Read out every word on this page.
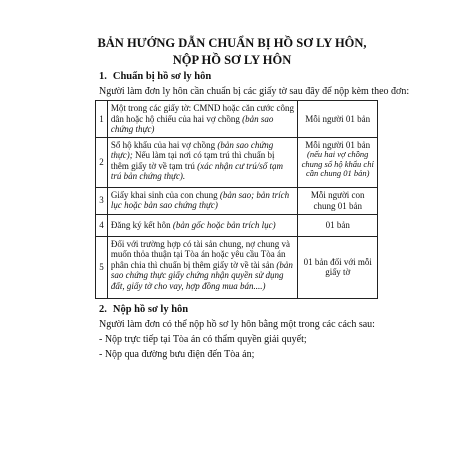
BẢN HƯỚNG DẪN CHUẨN BỊ HỒ SƠ LY HÔN,
NỘP HỒ SƠ LY HÔN
1. Chuẩn bị hồ sơ ly hôn
Người làm đơn ly hôn cần chuẩn bị các giấy tờ sau đây để nộp kèm theo đơn:
1	Một trong các giấy tờ: CMND hoặc căn cước công dân hoặc hộ chiếu của hai vợ chồng (bản sao chứng thực)	Mỗi người 01 bản
2	Sổ hộ khẩu của hai vợ chồng (bản sao chứng thực); Nếu làm tại nơi có tạm trú thì chuẩn bị thêm giấy tờ về tạm trú (xác nhận cư trú/sổ tạm trú bản chứng thực).	Mỗi người 01 bản
(nếu hai vợ chồng chung sổ hộ khẩu chỉ cần chung 01 bản)

3	Giấy khai sinh của con chung (bản sao; bản trích lục hoặc bản sao chứng thực)	Mỗi người con chung 01 bản
4	Đăng ký kết hôn (bản gốc hoặc bản trích lục)	01 bản
5	Đối với trường hợp có tài sản chung, nợ chung và muốn thỏa thuận tại Tòa án hoặc yêu cầu Tòa án phân chia thì chuẩn bị thêm giấy tờ về tài sản (bản sao chứng thực giấy chứng nhận quyền sử dụng đất, giấy tờ cho vay, hợp đồng mua bán....)	01 bản đối với mỗi giấy tờ
2. Nộp hồ sơ ly hôn
Người làm đơn có thể nộp hồ sơ ly hôn bằng một trong các cách sau:
- Nộp trực tiếp tại Tòa án có thẩm quyền giải quyết;
- Nộp qua đường bưu điện đến Tòa án;
